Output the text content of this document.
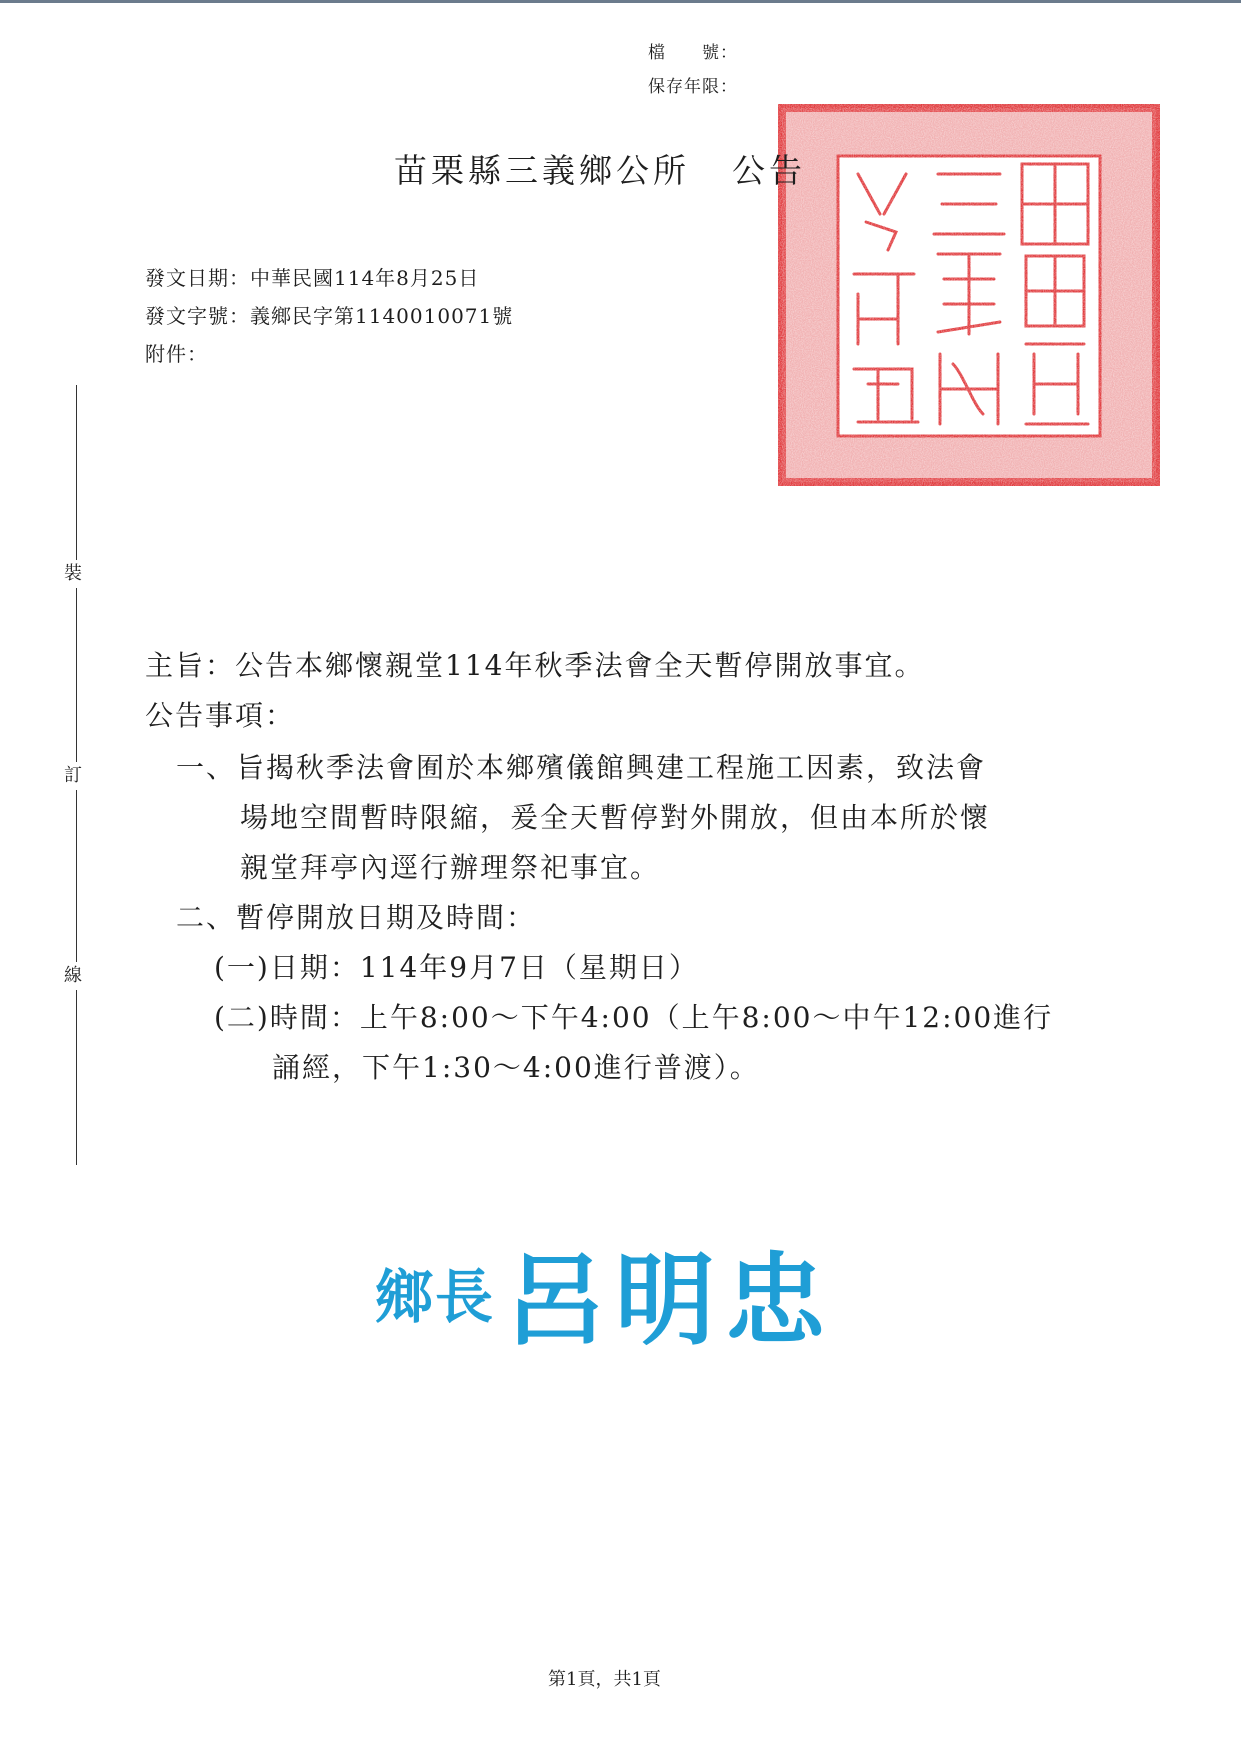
檔　　號：
保存年限：
苗栗縣三義鄉公所 公告
發文日期：中華民國114年8月25日
發文字號：義鄉民字第1140010071號
附件：
裝
訂
線
主旨：公告本鄉懷親堂114年秋季法會全天暫停開放事宜。
公告事項：
一、旨揭秋季法會囿於本鄉殯儀館興建工程施工因素，致法會
場地空間暫時限縮，爰全天暫停對外開放，但由本所於懷
親堂拜亭內逕行辦理祭祀事宜。
二、暫停開放日期及時間：
(一)日期：114年9月7日（星期日）
(二)時間：上午8:00～下午4:00（上午8:00～中午12:00進行
誦經，下午1:30～4:00進行普渡）。
鄉長 呂明忠
第1頁，共1頁
